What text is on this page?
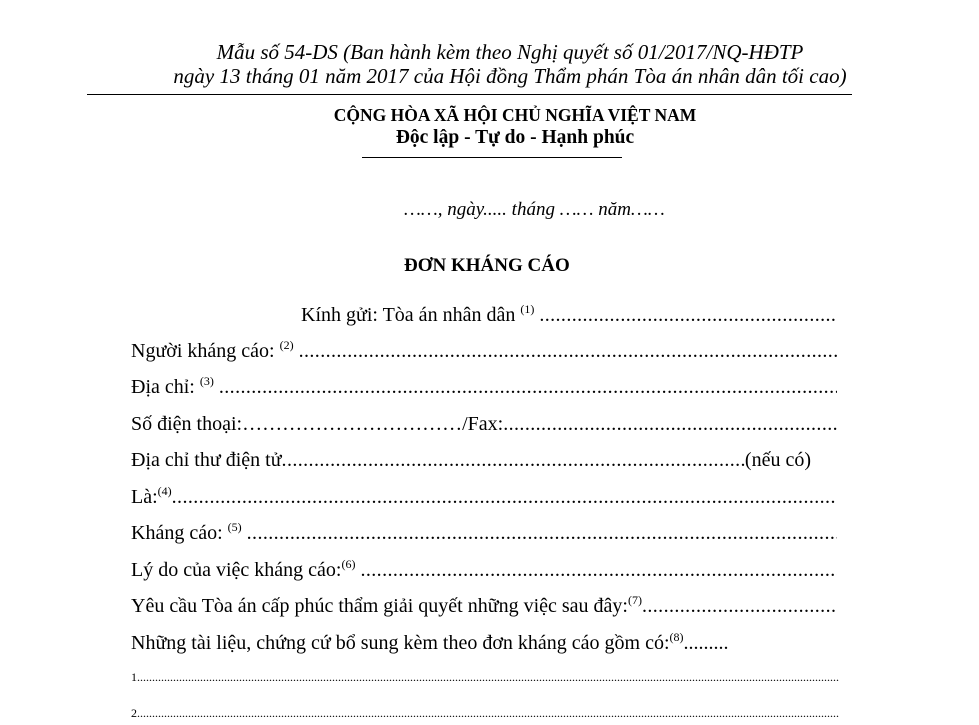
Mẫu số 54-DS (Ban hành kèm theo Nghị quyết số 01/2017/NQ-HĐTP
ngày 13 tháng 01 năm 2017 của Hội đồng Thẩm phán Tòa án nhân dân tối cao)
CỘNG HÒA XÃ HỘI CHỦ NGHĨA VIỆT NAM
Độc lập - Tự do - Hạnh phúc
……, ngày..... tháng …… năm……
ĐƠN KHÁNG CÁO
Kính gửi: Tòa án nhân dân $^{(1)}$
.....
Người kháng cáo: $^{(2)}$
.....
Địa chỉ: $^{(3)}$
.....
Số điện thoại: …………………………… /Fax:
.....
Địa chỉ thư điện tử .....	(nếu có)
Là:$^{(4)}$
.....
Kháng cáo: $^{(5)}$
.....
Lý do của việc kháng cáo:$^{(6)}$
.....
Yêu cầu Tòa án cấp phúc thẩm giải quyết những việc sau đây:$^{(7)}$
.....
Những tài liệu, chứng cứ bổ sung kèm theo đơn kháng cáo gồm có:$^{(8)}$ .........
1.
.....
2.
.....
